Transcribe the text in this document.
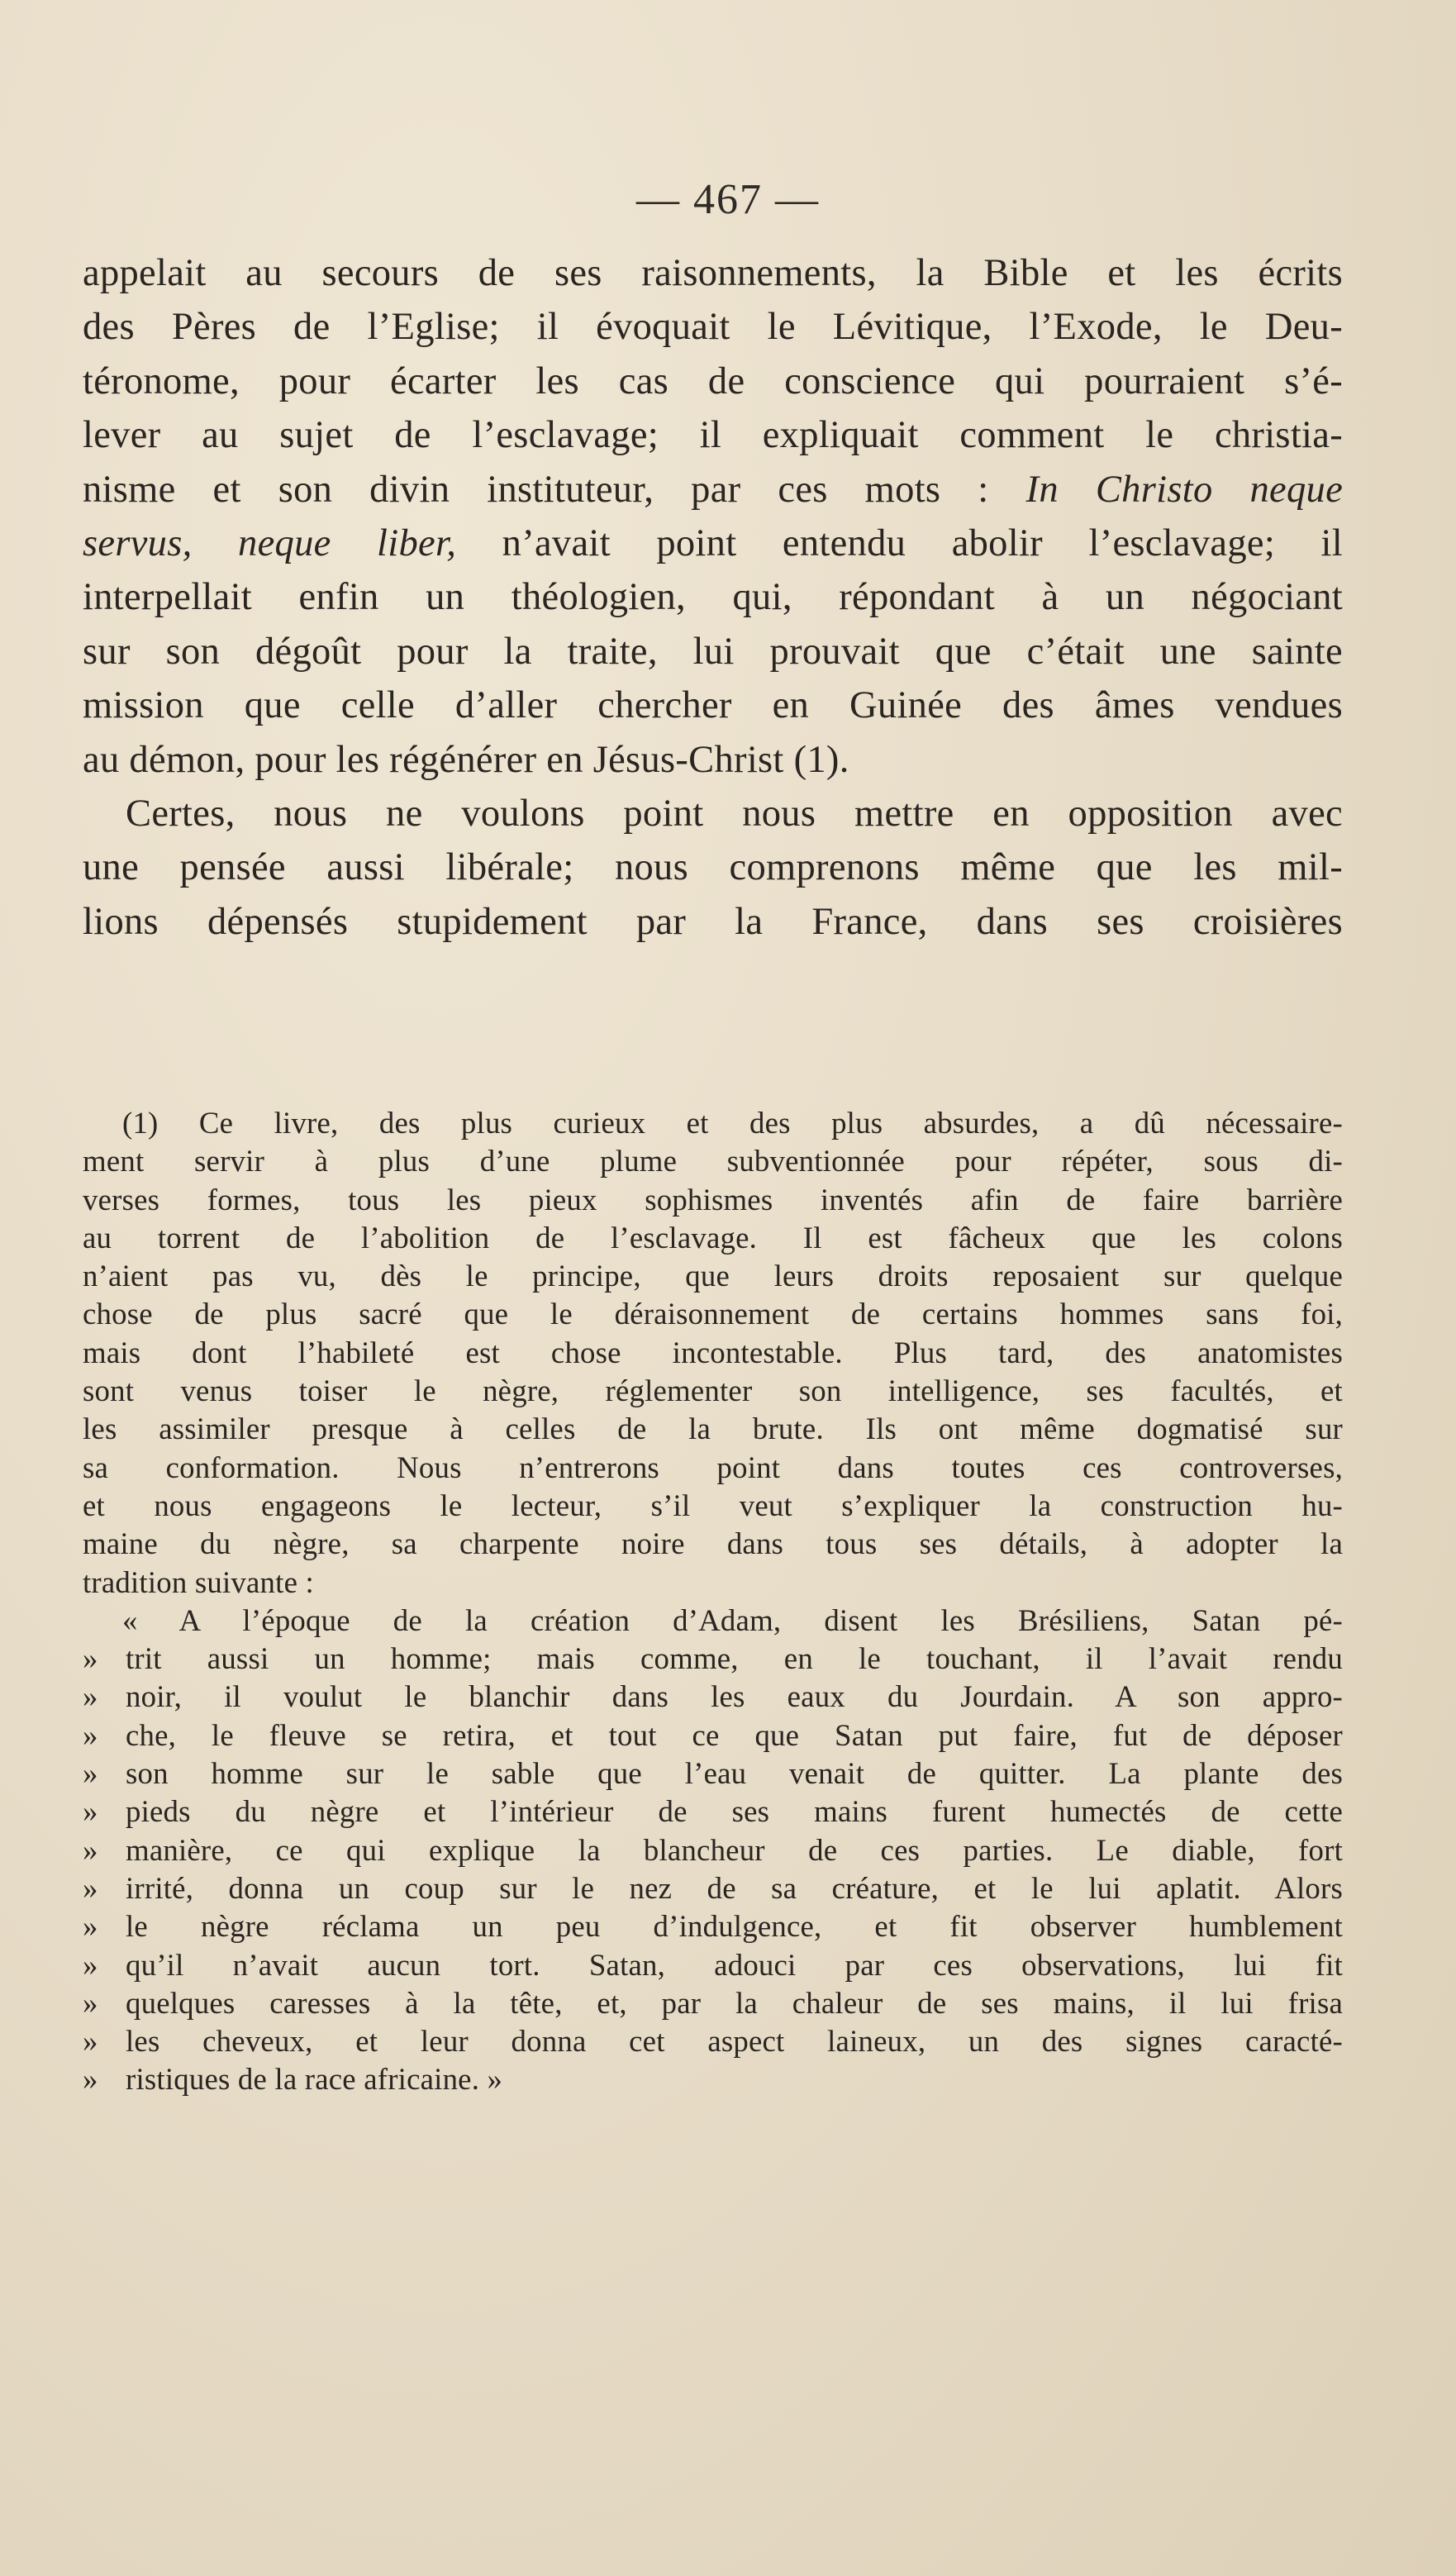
— 467 —
appelait au secours de ses raisonnements, la Bible et les écrits
des Pères de l’Eglise; il évoquait le Lévitique, l’Exode, le Deu-
téronome, pour écarter les cas de conscience qui pourraient s’é-
lever au sujet de l’esclavage; il expliquait comment le christia-
nisme et son divin instituteur, par ces mots : In Christo neque
servus, neque liber, n’avait point entendu abolir l’esclavage; il
interpellait enfin un théologien, qui, répondant à un négociant
sur son dégoût pour la traite, lui prouvait que c’était une sainte
mission que celle d’aller chercher en Guinée des âmes vendues
au démon, pour les régénérer en Jésus-Christ (1).
Certes, nous ne voulons point nous mettre en opposition avec
une pensée aussi libérale; nous comprenons même que les mil-
lions dépensés stupidement par la France, dans ses croisières
(1) Ce livre, des plus curieux et des plus absurdes, a dû nécessaire-
ment servir à plus d’une plume subventionnée pour répéter, sous di-
verses formes, tous les pieux sophismes inventés afin de faire barrière
au torrent de l’abolition de l’esclavage. Il est fâcheux que les colons
n’aient pas vu, dès le principe, que leurs droits reposaient sur quelque
chose de plus sacré que le déraisonnement de certains hommes sans foi,
mais dont l’habileté est chose incontestable. Plus tard, des anatomistes
sont venus toiser le nègre, réglementer son intelligence, ses facultés, et
les assimiler presque à celles de la brute. Ils ont même dogmatisé sur
sa conformation. Nous n’entrerons point dans toutes ces controverses,
et nous engageons le lecteur, s’il veut s’expliquer la construction hu-
maine du nègre, sa charpente noire dans tous ses détails, à adopter la
tradition suivante :
« A l’époque de la création d’Adam, disent les Brésiliens, Satan pé-
» trit aussi un homme; mais comme, en le touchant, il l’avait rendu
» noir, il voulut le blanchir dans les eaux du Jourdain. A son appro-
» che, le fleuve se retira, et tout ce que Satan put faire, fut de déposer
» son homme sur le sable que l’eau venait de quitter. La plante des
» pieds du nègre et l’intérieur de ses mains furent humectés de cette
» manière, ce qui explique la blancheur de ces parties. Le diable, fort
» irrité, donna un coup sur le nez de sa créature, et le lui aplatit. Alors
» le nègre réclama un peu d’indulgence, et fit observer humblement
» qu’il n’avait aucun tort. Satan, adouci par ces observations, lui fit
» quelques caresses à la tête, et, par la chaleur de ses mains, il lui frisa
» les cheveux, et leur donna cet aspect laineux, un des signes caracté-
» ristiques de la race africaine. »
